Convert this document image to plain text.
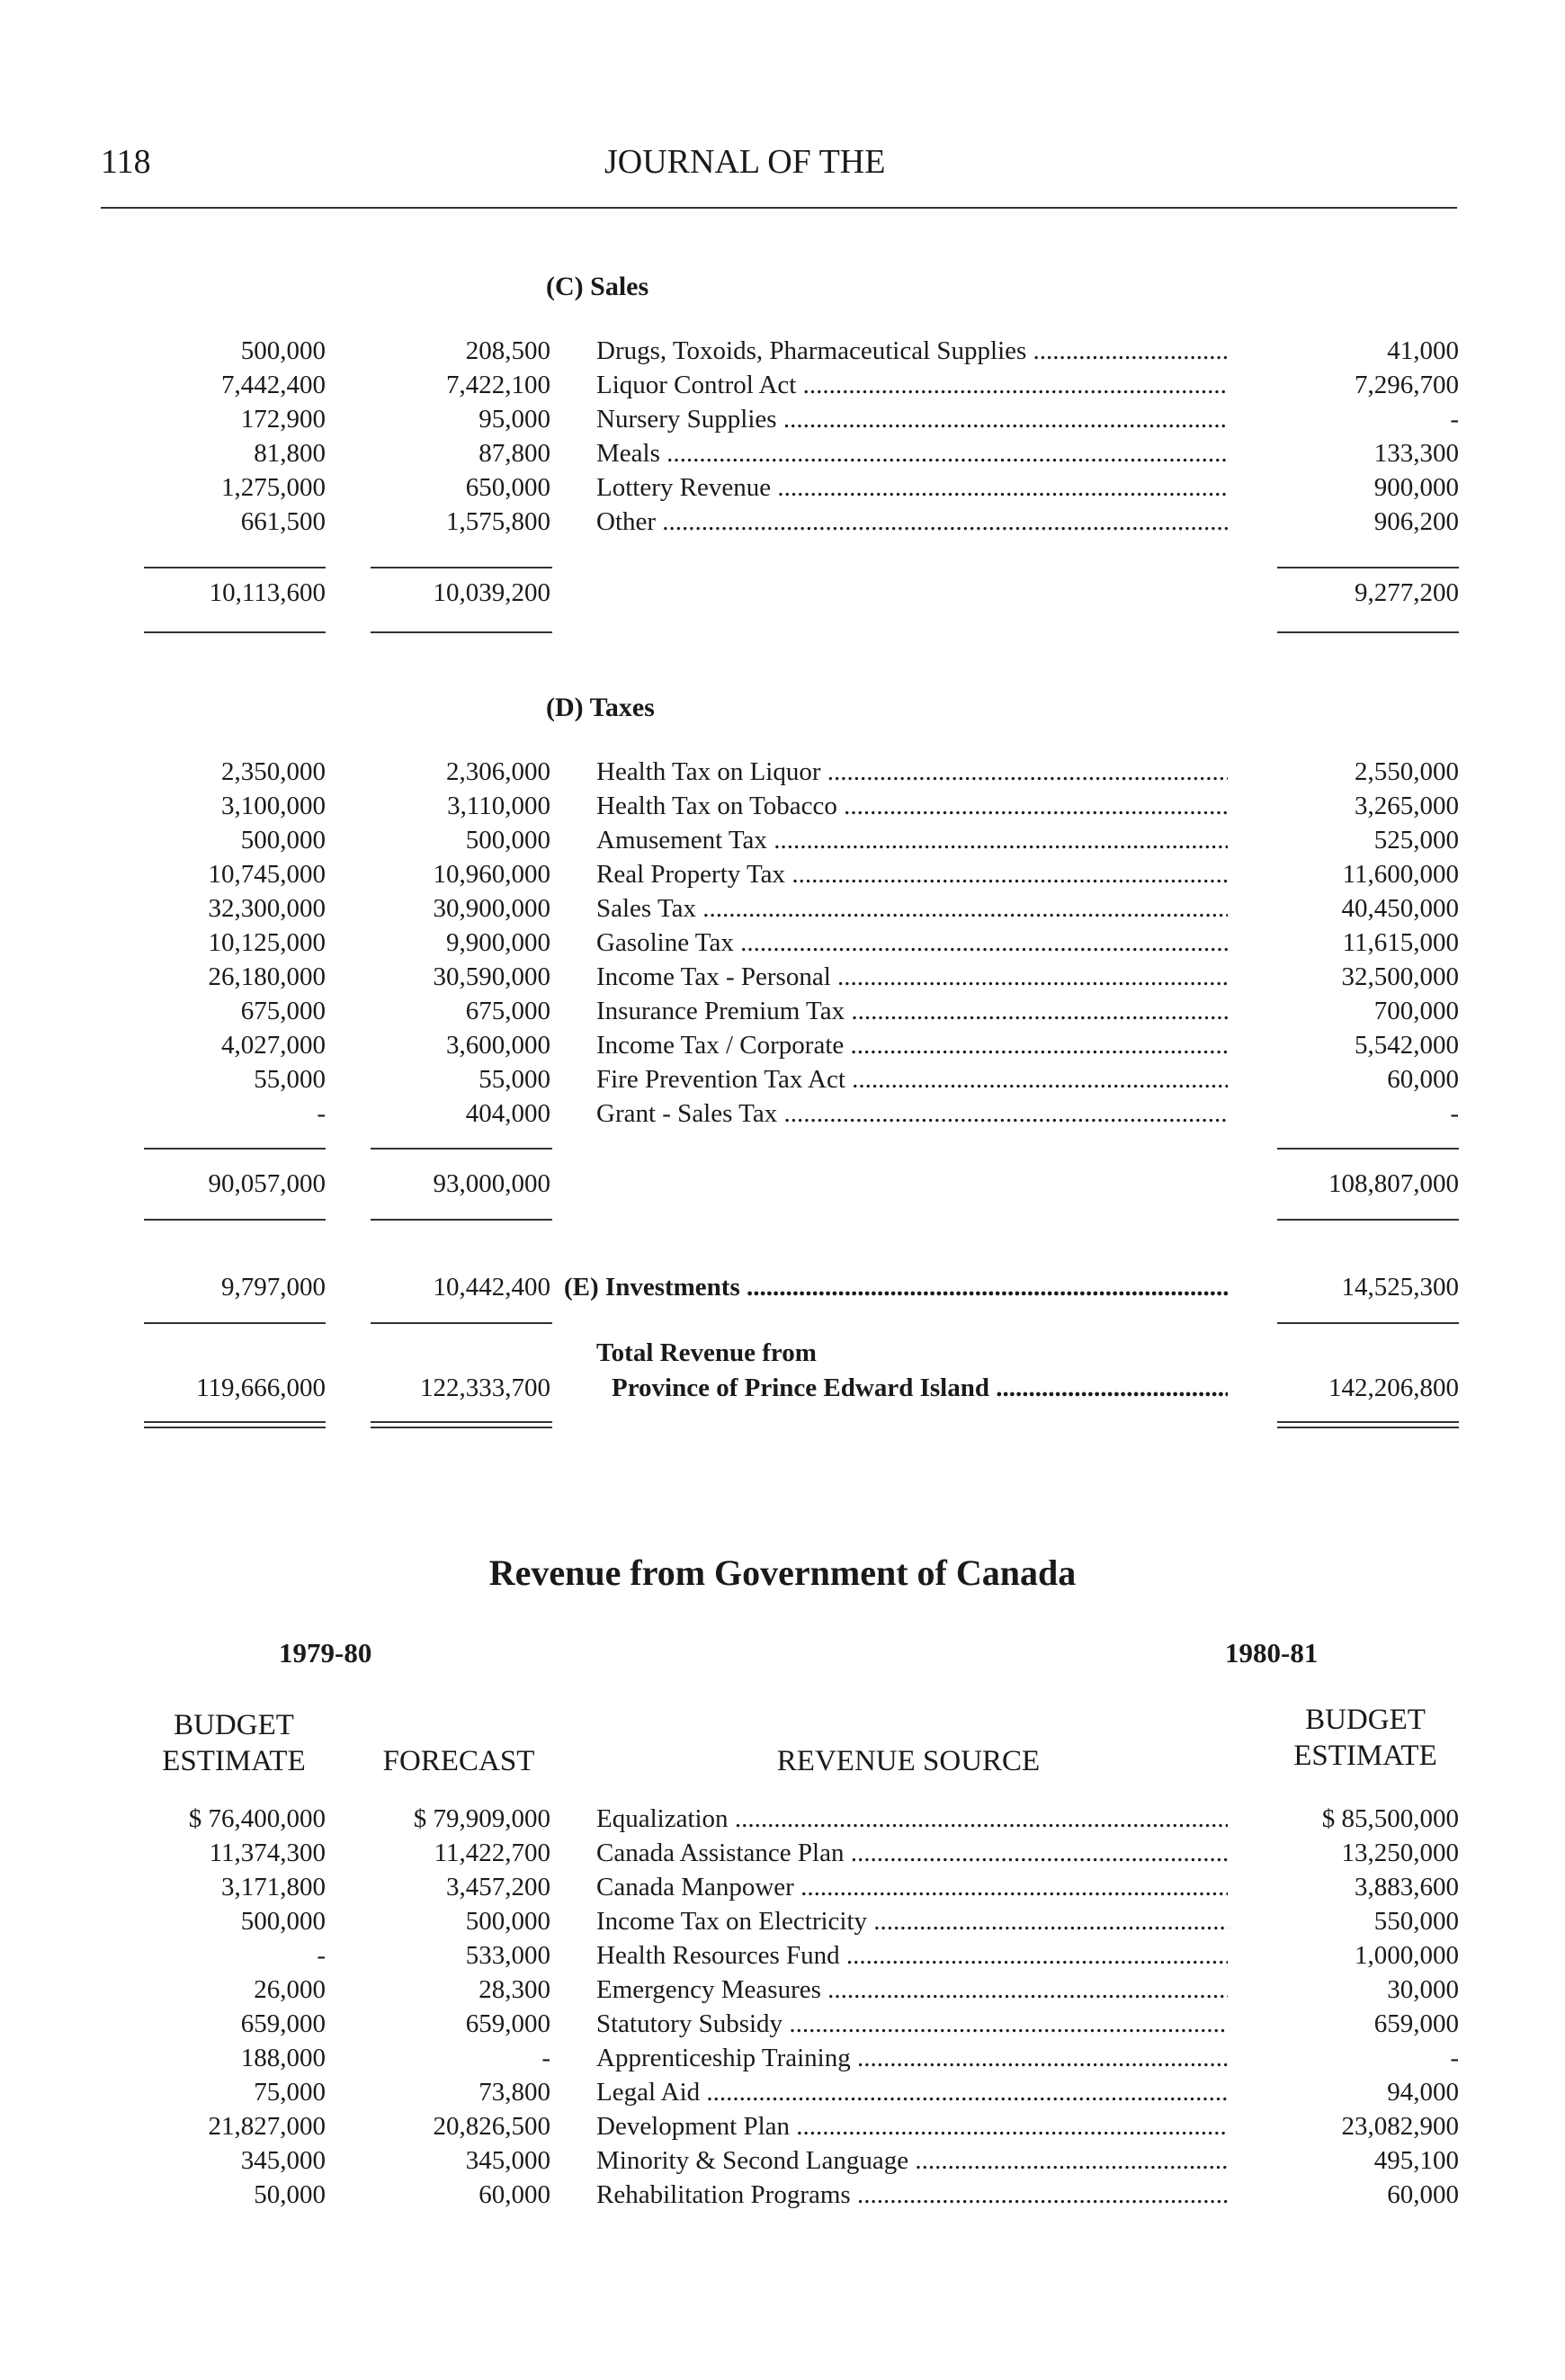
118	JOURNAL OF THE
(C) Sales
500,000	208,500 Drugs, Toxoids, Pharmaceutical Supplies .....	41,000
7,442,400	7,422,100 Liquor Control Act .....	7,296,700
172,900	95,000 Nursery Supplies .....	-
81,800	87,800 Meals .....	133,300
1,275,000	650,000 Lottery Revenue .....	900,000
661,500	1,575,800 Other .....	906,200
10,113,600	10,039,200	9,277,200
(D) Taxes
2,350,000	2,306,000 Health Tax on Liquor .....	2,550,000
3,100,000	3,110,000 Health Tax on Tobacco .....	3,265,000
500,000	500,000 Amusement Tax .....	525,000
10,745,000	10,960,000 Real Property Tax .....	11,600,000
32,300,000	30,900,000 Sales Tax .....	40,450,000
10,125,000	9,900,000 Gasoline Tax .....	11,615,000
26,180,000	30,590,000 Income Tax - Personal .....	32,500,000
675,000	675,000 Insurance Premium Tax .....	700,000
4,027,000	3,600,000 Income Tax / Corporate .....	5,542,000
55,000	55,000 Fire Prevention Tax Act .....	60,000
-	404,000 Grant - Sales Tax .....	-
90,057,000	93,000,000	108,807,000
9,797,000	10,442,400 (E) Investments .....	14,525,300
Total Revenue from
119,666,000	122,333,700 Province of Prince Edward Island .....	142,206,800
Revenue from Government of Canada
1979-80	1980-81
BUDGET
ESTIMATE	FORECAST	REVENUE SOURCE
BUDGET
ESTIMATE
$ 76,400,000	$ 79,909,000 Equalization .....	$ 85,500,000
11,374,300	11,422,700 Canada Assistance Plan .....	13,250,000
3,171,800	3,457,200 Canada Manpower .....	3,883,600
500,000	500,000 Income Tax on Electricity .....	550,000
-	533,000 Health Resources Fund .....	1,000,000
26,000	28,300 Emergency Measures .....	30,000
659,000	659,000 Statutory Subsidy .....	659,000
188,000	- Apprenticeship Training .....	-
75,000	73,800 Legal Aid .....	94,000
21,827,000	20,826,500 Development Plan .....	23,082,900
345,000	345,000 Minority & Second Language .....	495,100
50,000	60,000 Rehabilitation Programs .....	60,000
